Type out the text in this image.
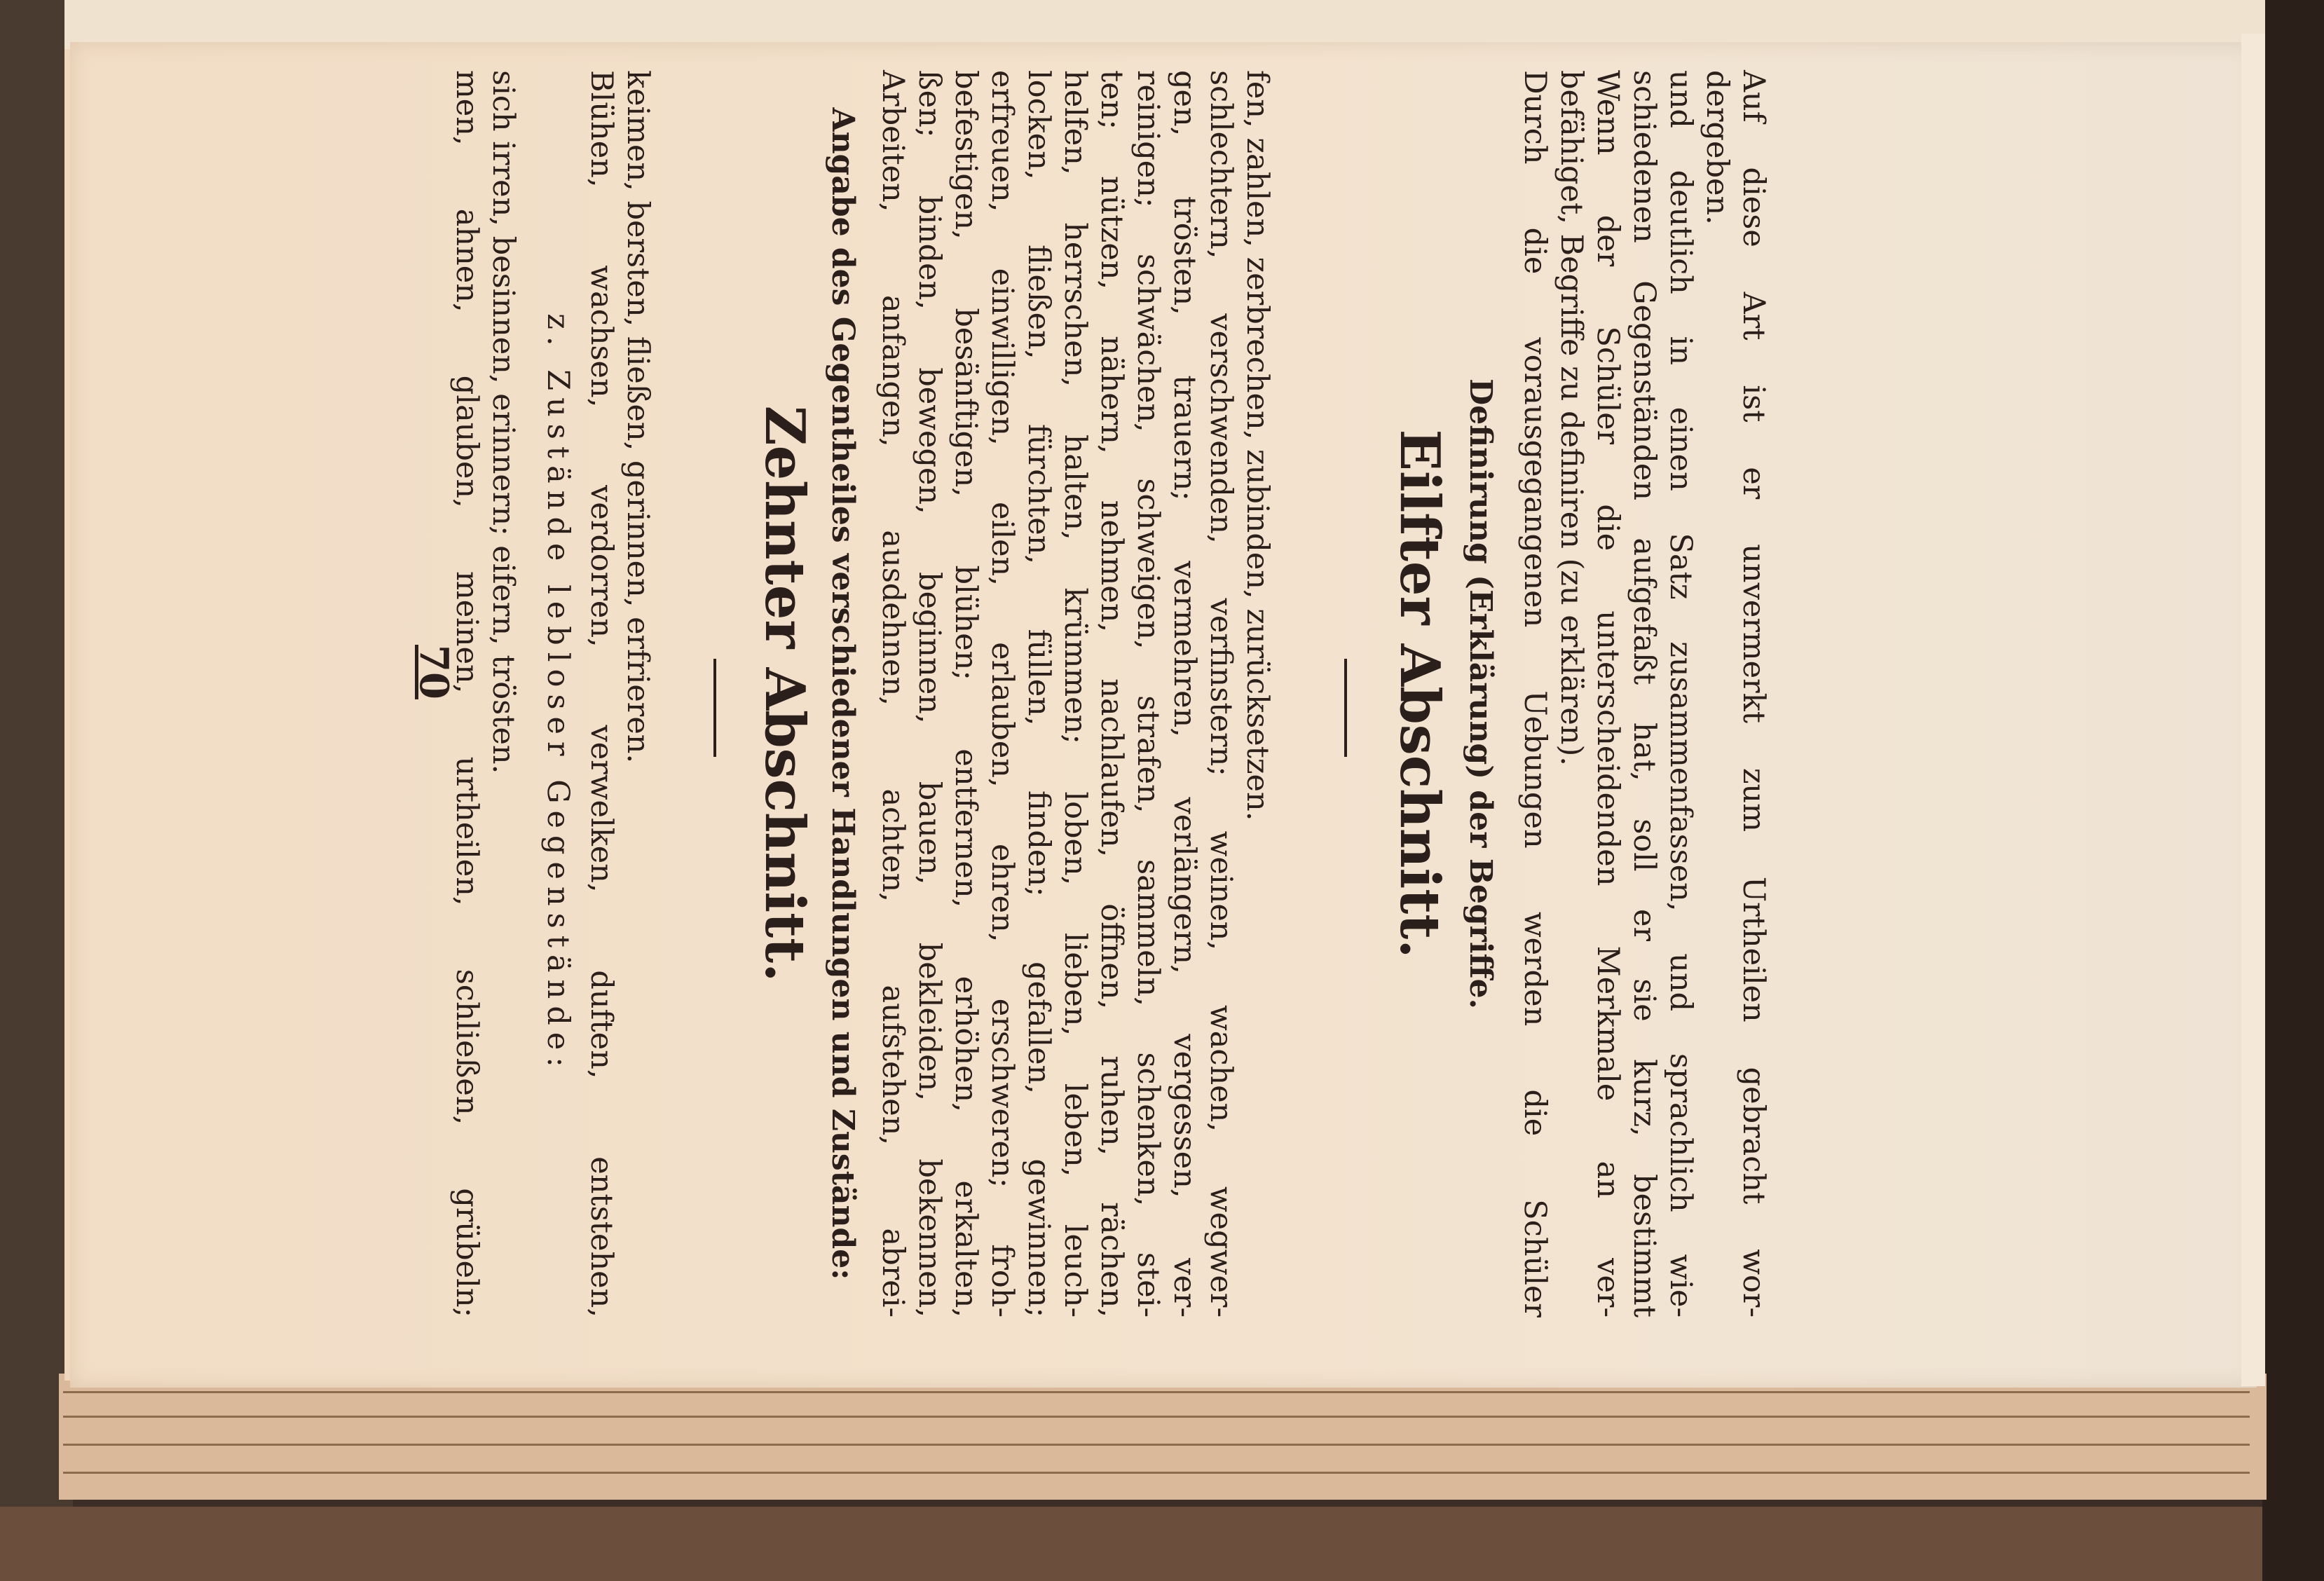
70
men, ahnen, glauben, meinen, urtheilen, schließen, grübeln; sich irren, besinnen, erinnern; eifern, trösten. z. Zustände lebloser Gegenstände: Blühen, wachsen, verdorren, verwelken, duften, entstehen, keimen, bersten, fließen, gerinnen, erfrieren. Zehnter Abschnitt. Angabe des Gegentheiles verschiedener Handlungen und Zustände: Arbeiten, anfangen, ausdehnen, achten, aufstehen, abrei- ßen; binden, bewegen, beginnen, bauen, bekleiden, bekennen, befestigen, besänftigen, blühen; entfernen, erhöhen, erkalten, erfreuen, einwilligen, eilen, erlauben, ehren, erschweren; froh- locken, fließen, fürchten, füllen, finden; gefallen, gewinnen; helfen, herrschen, halten, krümmen; loben, lieben, leben, leuch- ten; nützen, nähern, nehmen, nachlaufen, öffnen, ruhen, rächen, reinigen; schwächen, schweigen, strafen, sammeln, schenken, stei- gen, trösten, trauern; vermehren, verlängern, vergessen, ver- schlechtern, verschwenden, verfinstern; weinen, wachen, wegwer- fen, zahlen, zerbrechen, zubinden, zurücksetzen. Eilfter Abschnitt. Definirung (Erklärung) der Begriffe. Durch die vorausgegangenen Uebungen werden die Schüler befähiget, Begriffe zu definiren (zu erklären). Wenn der Schüler die unterscheidenden Merkmale an ver- schiedenen Gegenständen aufgefaßt hat, soll er sie kurz, bestimmt und deutlich in einen Satz zusammenfassen, und sprachlich wie- dergeben. Auf diese Art ist er unvermerkt zum Urtheilen gebracht wor-
